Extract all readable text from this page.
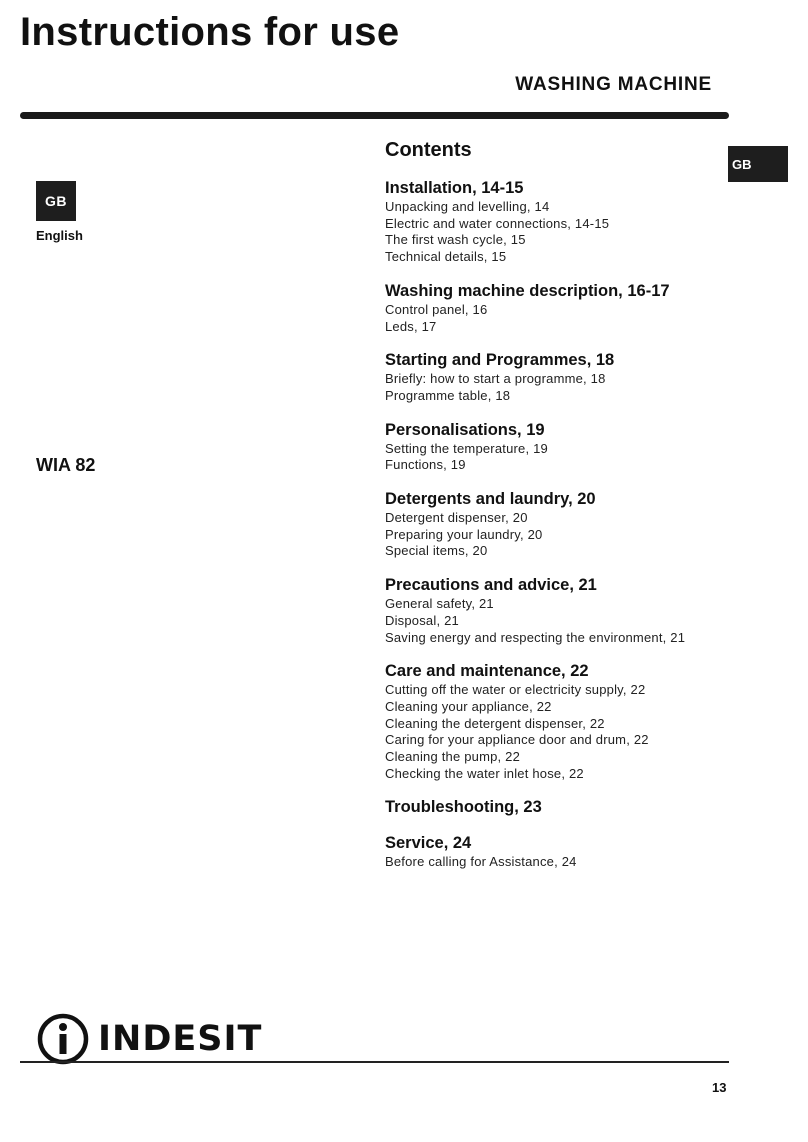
Instructions for use
WASHING MACHINE
GB
GB
English
WIA 82
Contents
Installation, 14-15
Unpacking and levelling, 14
Electric and water connections, 14-15
The first wash cycle, 15
Technical details, 15
Washing machine description, 16-17
Control panel, 16
Leds, 17
Starting and Programmes, 18
Briefly: how to start a programme, 18
Programme table, 18
Personalisations, 19
Setting the temperature, 19
Functions, 19
Detergents and laundry, 20
Detergent dispenser, 20
Preparing your laundry, 20
Special items, 20
Precautions and advice, 21
General safety, 21
Disposal, 21
Saving energy and respecting the environment, 21
Care and maintenance, 22
Cutting off the water or electricity supply, 22
Cleaning your appliance, 22
Cleaning the detergent dispenser, 22
Caring for your appliance door and drum, 22
Cleaning the pump, 22
Checking the water inlet hose, 22
Troubleshooting, 23
Service, 24
Before calling for Assistance, 24
INDESIT
13
